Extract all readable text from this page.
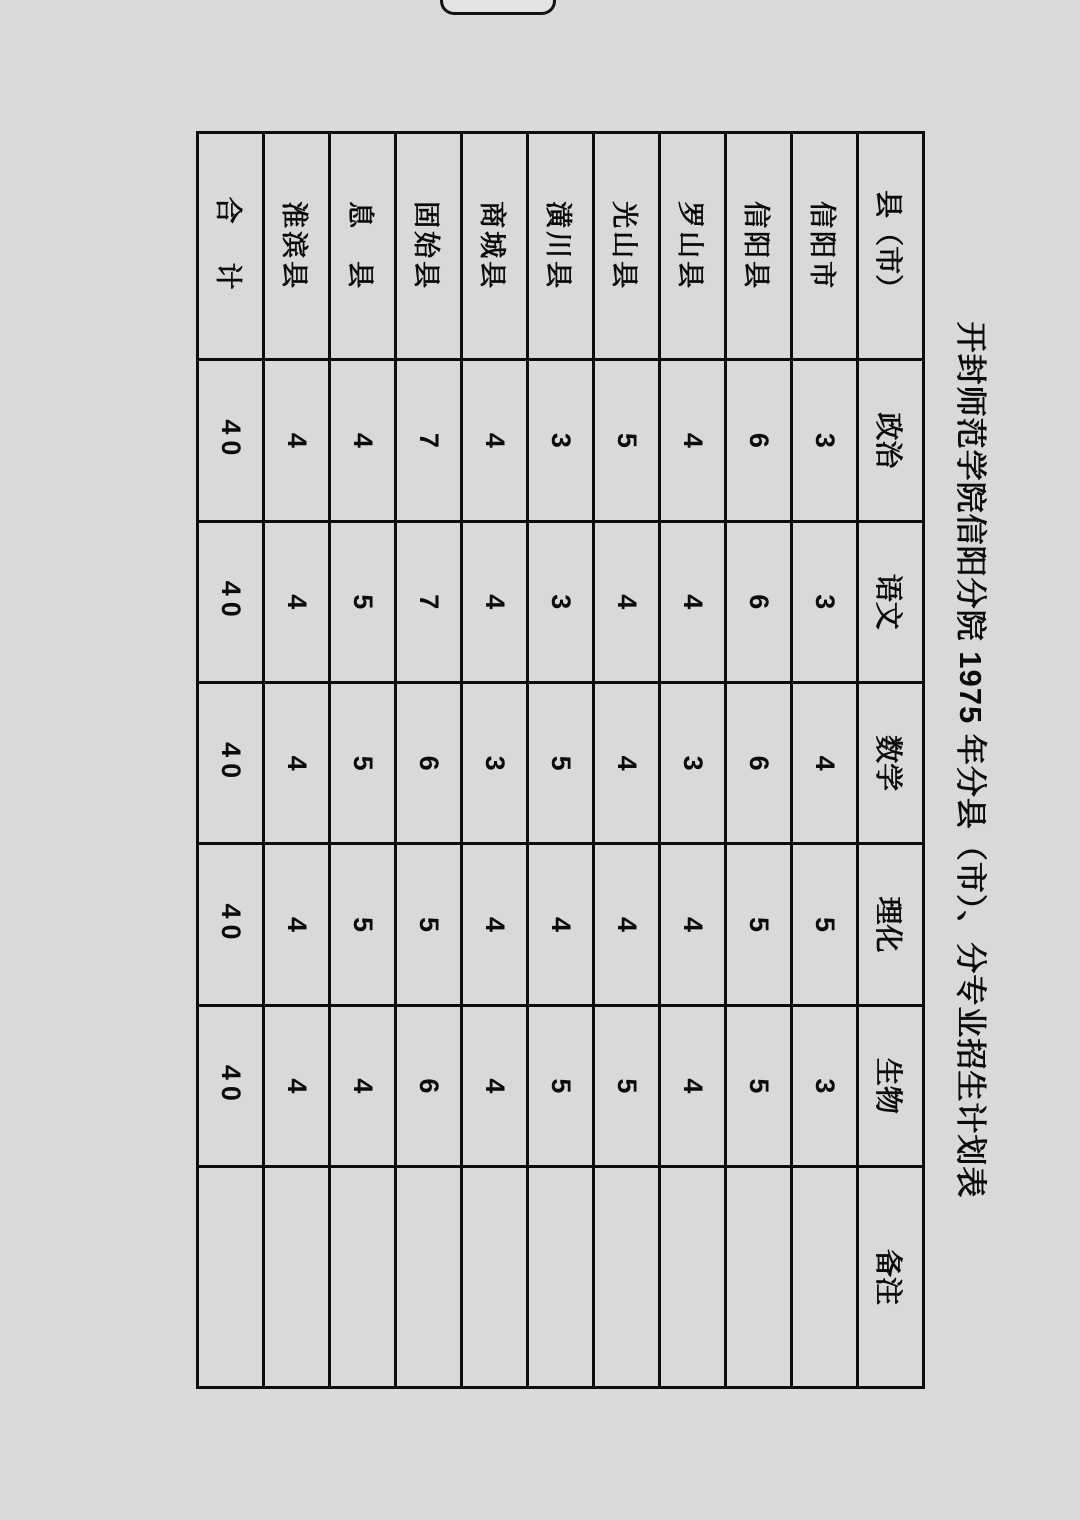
开封师范学院信阳分院 1975 年分县（市）、分专业招生计划表
县（市）	政治	语文	数学	理化	生物	备注
信阳市	3	3	4	5	3	
信阳县	6	6	6	5	5	
罗山县	4	4	3	4	4	
光山县	5	4	4	4	5	
潢川县	3	3	5	4	5	
商城县	4	4	3	4	4	
固始县	7	7	6	5	6	
息　县	4	5	5	5	4	
淮滨县	4	4	4	4	4	
合　计	40	40	40	40	40	
